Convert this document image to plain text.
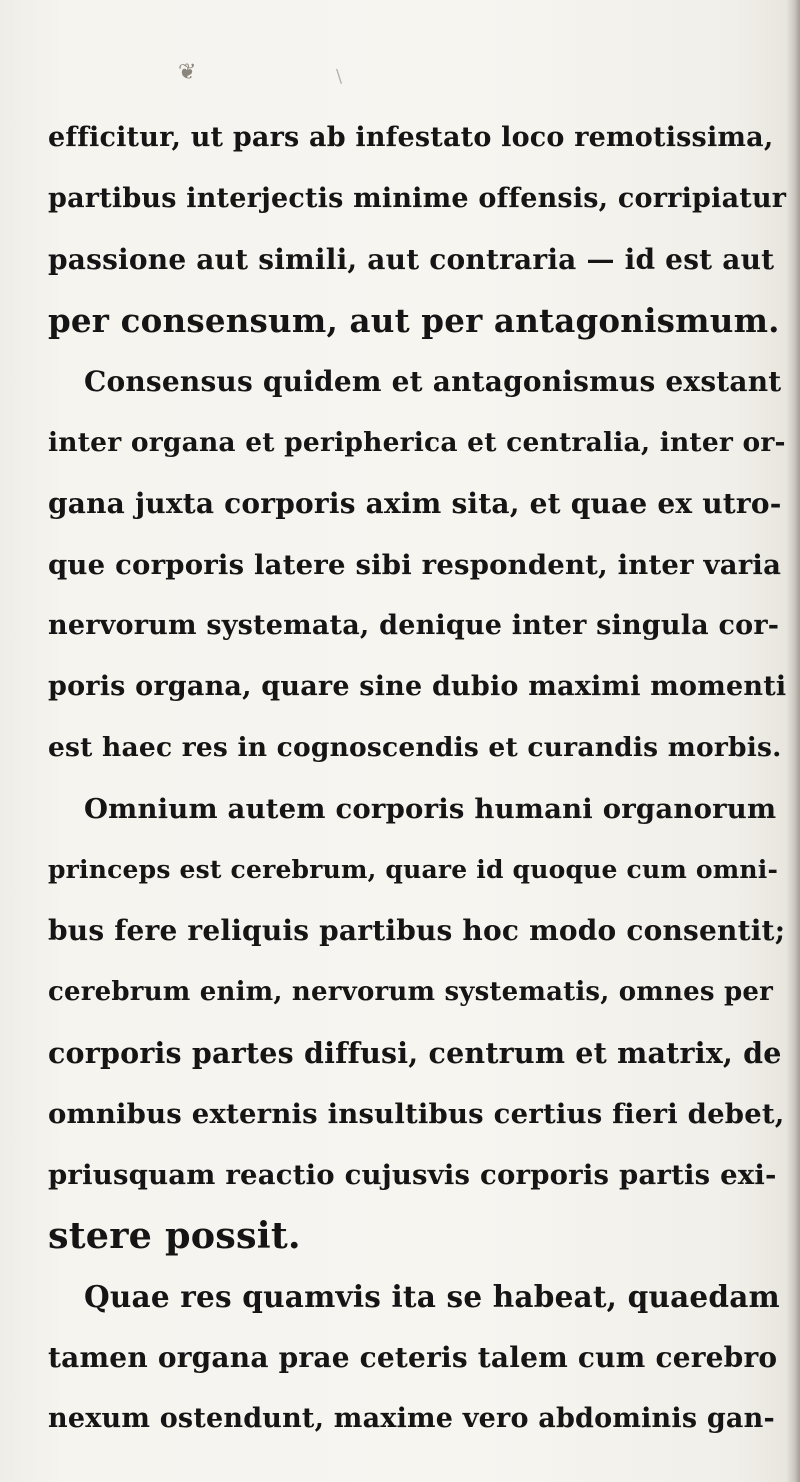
❦	\
efficitur, ut pars ab infestato loco remotissima,
partibus interjectis minime offensis, corripiatur
passione aut simili, aut contraria — id est aut
per consensum, aut per antagonismum.
Consensus quidem et antagonismus exstant
inter organa et peripherica et centralia, inter or-
gana juxta corporis axim sita, et quae ex utro-
que corporis latere sibi respondent, inter varia
nervorum systemata, denique inter singula cor-
poris organa, quare sine dubio maximi momenti
est haec res in cognoscendis et curandis morbis.
Omnium autem corporis humani organorum
princeps est cerebrum, quare id quoque cum omni-
bus fere reliquis partibus hoc modo consentit;
cerebrum enim, nervorum systematis, omnes per
corporis partes diffusi, centrum et matrix, de
omnibus externis insultibus certius fieri debet,
priusquam reactio cujusvis corporis partis exi-
stere possit.
Quae res quamvis ita se habeat, quaedam
tamen organa prae ceteris talem cum cerebro
nexum ostendunt, maxime vero abdominis gan-
